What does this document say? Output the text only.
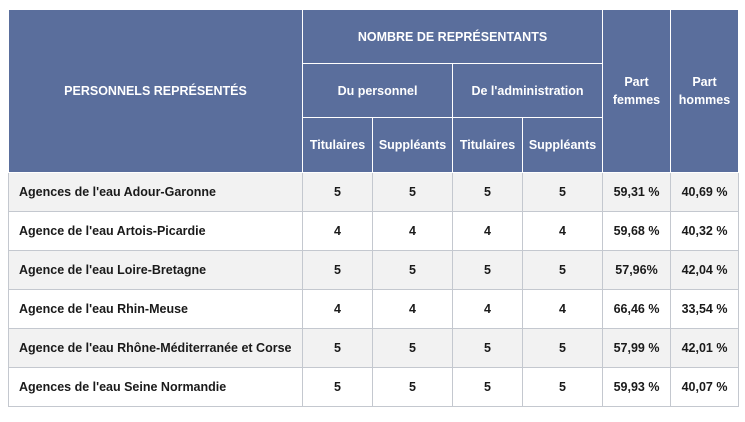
PERSONNELS REPRÉSENTÉS	NOMBRE DE REPRÉSENTANTS				Part femmes	Part hommes
	Du personnel		De l'administration			
	Titulaires	Suppléants	Titulaires	Suppléants		
Agences de l'eau Adour-Garonne	5	5	5	5	59,31 %	40,69 %
Agence de l'eau Artois-Picardie	4	4	4	4	59,68 %	40,32 %
Agence de l'eau Loire-Bretagne	5	5	5	5	57,96%	42,04 %
Agence de l'eau Rhin-Meuse	4	4	4	4	66,46 %	33,54 %
Agence de l'eau Rhône-Méditerranée et Corse	5	5	5	5	57,99 %	42,01 %
Agences de l'eau Seine Normandie	5	5	5	5	59,93 %	40,07 %
